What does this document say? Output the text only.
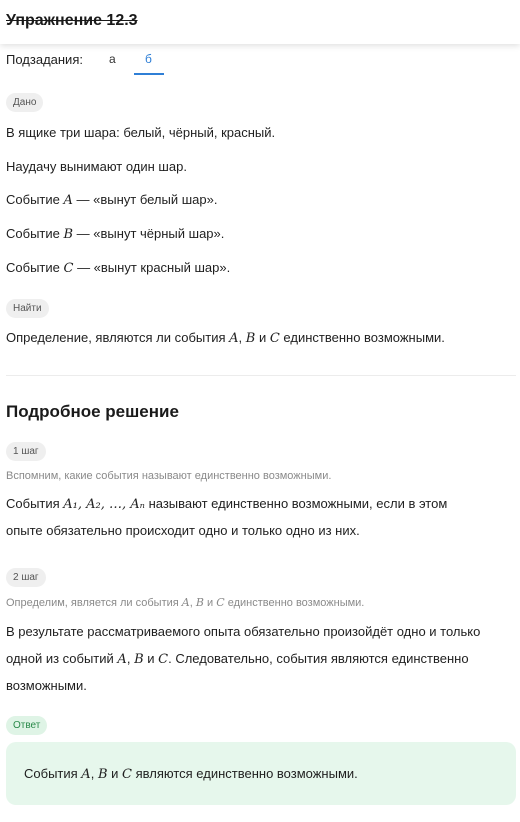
Упражнение 12.3
Подзадания: а б
Дано
В ящике три шара: белый, чёрный, красный.
Наудачу вынимают один шар.
Событие A — «вынут белый шар».
Событие B — «вынут чёрный шар».
Событие C — «вынут красный шар».
Найти
Определение, являются ли события A, B и C единственно возможными.
Подробное решение
1 шаг
Вспомним, какие события называют единственно возможными.
События A₁, A₂, …, Aₙ называют единственно возможными, если в этом
опыте обязательно происходит одно и только одно из них.
2 шаг
Определим, является ли события A, B и C единственно возможными.
В результате рассматриваемого опыта обязательно произойдёт одно и только
одной из событий A, B и C. Следовательно, события являются единственно
возможными.
Ответ
События A, B и C являются единственно возможными.
